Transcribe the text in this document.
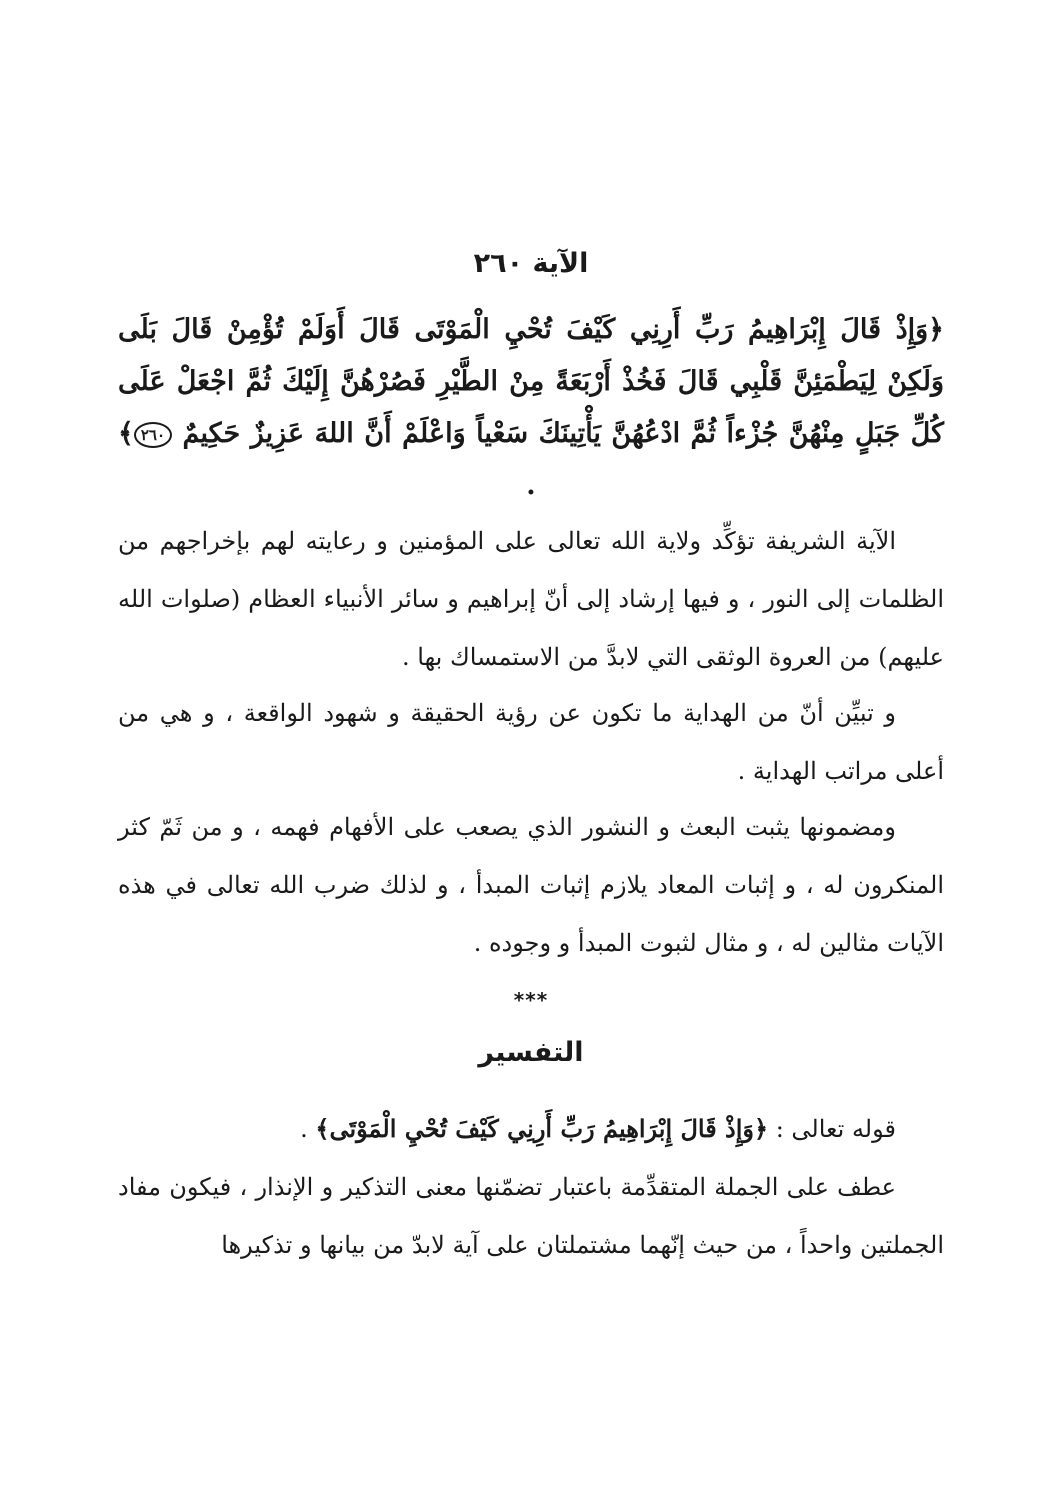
الآية ٢٦٠
﴿وَإِذْ قَالَ إِبْرَاهِيمُ رَبِّ أَرِنِي كَيْفَ تُحْيِ الْمَوْتَى قَالَ أَوَلَمْ تُؤْمِنْ قَالَ بَلَى وَلَكِنْ لِيَطْمَئِنَّ قَلْبِي قَالَ فَخُذْ أَرْبَعَةً مِنْ الطَّيْرِ فَصُرْهُنَّ إِلَيْكَ ثُمَّ اجْعَلْ عَلَى كُلِّ جَبَلٍ مِنْهُنَّ جُزْءاً ثُمَّ ادْعُهُنَّ يَأْتِينَكَ سَعْياً وَاعْلَمْ أَنَّ اللهَ عَزِيزٌ حَكِيمٌ ٢٦٠﴾ .

الآية الشريفة تؤكِّد ولاية الله تعالى على المؤمنين و رعايته لهم بإخراجهم من الظلمات إلى النور ، و فيها إرشاد إلى أنّ إبراهيم و سائر الأنبياء العظام (صلوات الله عليهم) من العروة الوثقى التي لابدَّ من الاستمساك بها .

و تبيِّن أنّ من الهداية ما تكون عن رؤية الحقيقة و شهود الواقعة ، و هي من أعلى مراتب الهداية .

ومضمونها يثبت البعث و النشور الذي يصعب على الأفهام فهمه ، و من ثَمّ كثر المنكرون له ، و إثبات المعاد يلازم إثبات المبدأ ، و لذلك ضرب الله تعالى في هذه الآيات مثالين له ، و مثال لثبوت المبدأ و وجوده .

***
التفسير

قوله تعالى : ﴿وَإِذْ قَالَ إِبْرَاهِيمُ رَبِّ أَرِنِي كَيْفَ تُحْيِ الْمَوْتَى﴾ .

عطف على الجملة المتقدِّمة باعتبار تضمّنها معنى التذكير و الإنذار ، فيكون مفاد الجملتين واحداً ، من حيث إنّهما مشتملتان على آية لابدّ من بيانها و تذكيرها
